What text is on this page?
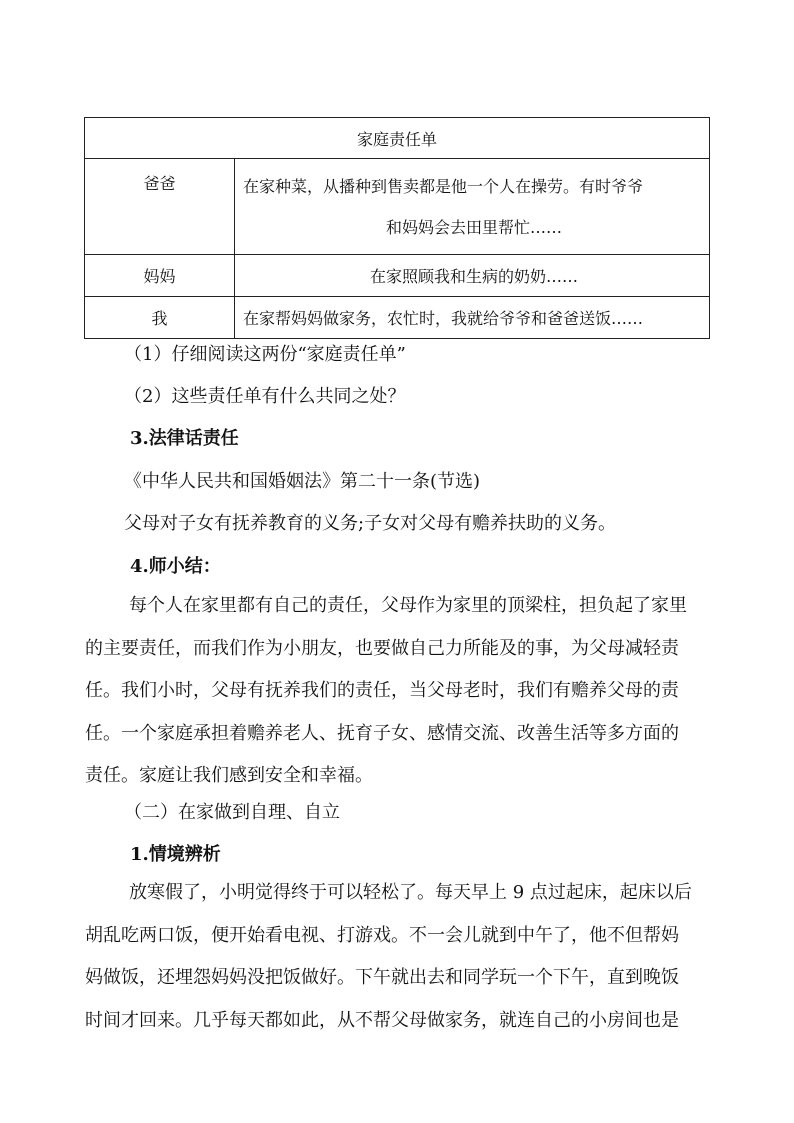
家庭责任单	
爸爸	在家种菜，从播种到售卖都是他一个人在操劳。有时爷爷
和妈妈会去田里帮忙……

妈妈	在家照顾我和生病的奶奶……
我	在家帮妈妈做家务，农忙时，我就给爷爷和爸爸送饭……
（1）仔细阅读这两份“家庭责任单”
（2）这些责任单有什么共同之处？
3.法律话责任
《中华人民共和国婚姻法》第二十一条(节选)
父母对子女有抚养教育的义务;子女对父母有赡养扶助的义务。
4.师小结：
每个人在家里都有自己的责任，父母作为家里的顶梁柱，担负起了家里
的主要责任，而我们作为小朋友，也要做自己力所能及的事，为父母减轻责
任。我们小时，父母有抚养我们的责任，当父母老时，我们有赡养父母的责
任。一个家庭承担着赡养老人、抚育子女、感情交流、改善生活等多方面的
责任。家庭让我们感到安全和幸福。
（二）在家做到自理、自立
1.情境辨析
放寒假了，小明觉得终于可以轻松了。每天早上 9 点过起床，起床以后
胡乱吃两口饭，便开始看电视、打游戏。不一会儿就到中午了，他不但帮妈
妈做饭，还埋怨妈妈没把饭做好。下午就出去和同学玩一个下午，直到晚饭
时间才回来。几乎每天都如此，从不帮父母做家务，就连自己的小房间也是
